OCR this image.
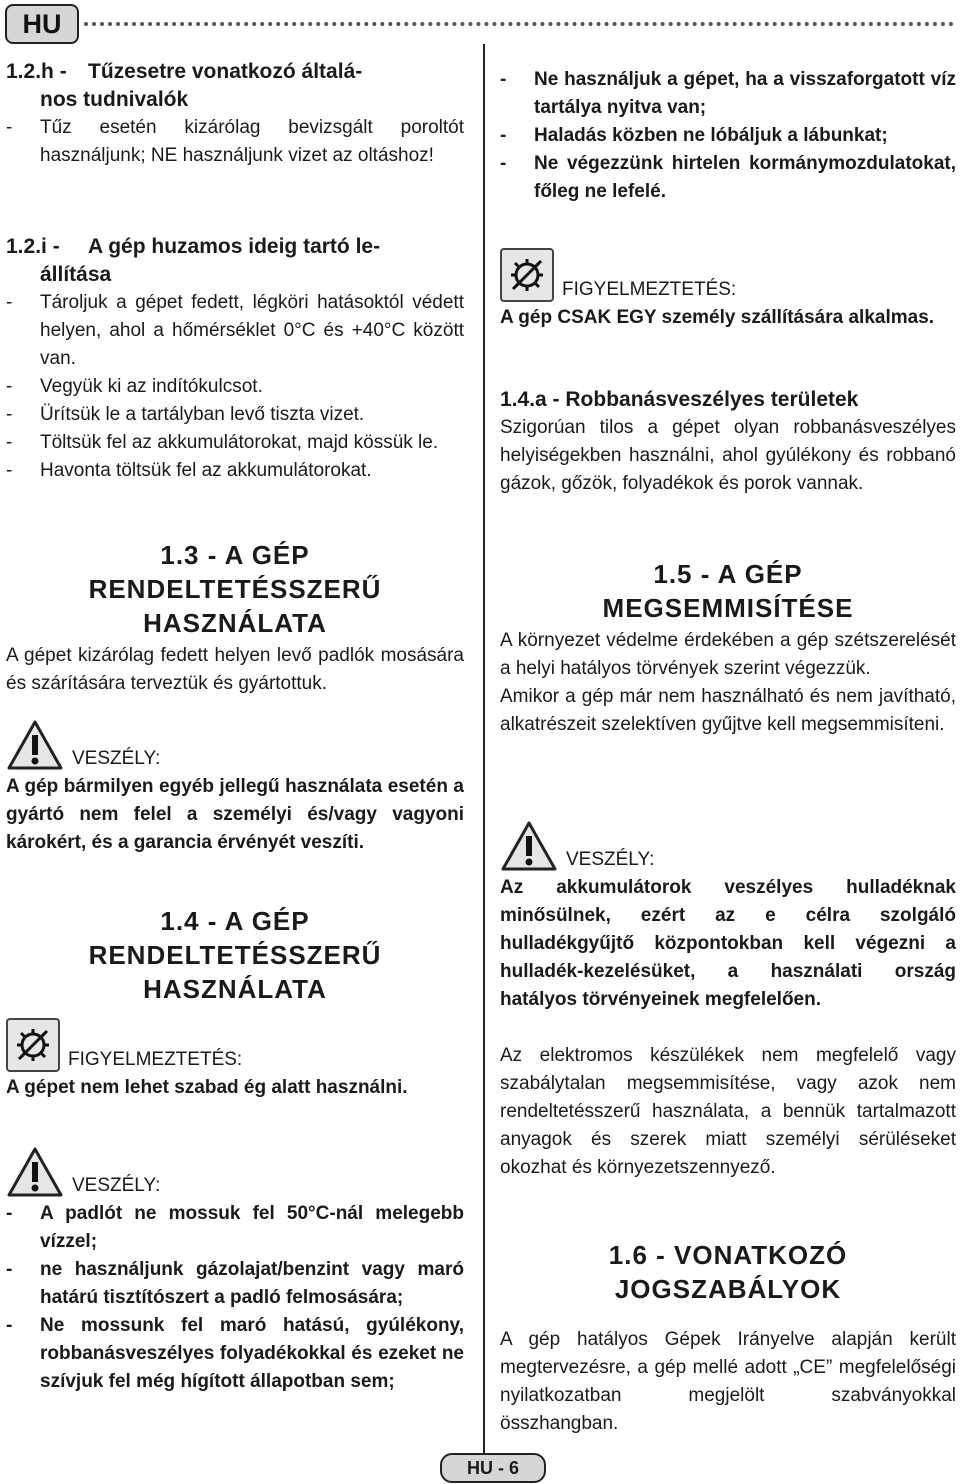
HU
1.2.h - Tűzesetre vonatkozó általá-
nos tudnivalók
- Tűz esetén kizárólag bevizsgált poroltót használjunk; NE használjunk vizet az oltáshoz!
1.2.i - A gép huzamos ideig tartó le-
állítása
- Tároljuk a gépet fedett, légköri hatásoktól védett helyen, ahol a hőmérséklet 0°C és +40°C között van.
- Vegyük ki az indítókulcsot.
- Ürítsük le a tartályban levő tiszta vizet.
- Töltsük fel az akkumulátorokat, majd kössük le.
- Havonta töltsük fel az akkumulátorokat.
1.3 - A GÉP
RENDELTETÉSSZERŰ
HASZNÁLATA

A gépet kizárólag fedett helyen levő padlók mosására és szárítására terveztük és gyártottuk.

VESZÉLY:

A gép bármilyen egyéb jellegű használata esetén a gyártó nem felel a személyi és/vagy vagyoni károkért, és a garancia érvényét veszíti.

1.4 - A GÉP
RENDELTETÉSSZERŰ
HASZNÁLATA
FIGYELMEZTETÉS:

A gépet nem lehet szabad ég alatt használni.

VESZÉLY:
- A padlót ne mossuk fel 50°C-nál melegebb vízzel;
- ne használjunk gázolajat/benzint vagy maró határú tisztítószert a padló felmosására;
- Ne mossunk fel maró hatású, gyúlékony, robbanásveszélyes folyadékokkal és ezeket ne szívjuk fel még hígított állapotban sem;
- Ne használjuk a gépet, ha a visszaforgatott víz tartálya nyitva van;
- Haladás közben ne lóbáljuk a lábunkat;
- Ne végezzünk hirtelen kormánymozdulatokat, főleg ne lefelé.
FIGYELMEZTETÉS:

A gép CSAK EGY személy szállítására alkalmas.

1.4.a - Robbanásveszélyes területek

Szigorúan tilos a gépet olyan robbanásveszélyes helyiségekben használni, ahol gyúlékony és robbanó gázok, gőzök, folyadékok és porok vannak.

1.5 - A GÉP
MEGSEMMISÍTÉSE

A környezet védelme érdekében a gép szétszerelését a helyi hatályos törvények szerint végezzük.

Amikor a gép már nem használható és nem javítható, alkatrészeit szelektíven gyűjtve kell megsemmisíteni.

VESZÉLY:

Az akkumulátorok veszélyes hulladéknak minősülnek, ezért az e célra szolgáló hulladékgyűjtő központokban kell végezni a hulladék-kezelésüket, a használati ország hatályos törvényeinek megfelelően.

Az elektromos készülékek nem megfelelő vagy szabálytalan megsemmisítése, vagy azok nem rendeltetésszerű használata, a bennük tartalmazott anyagok és szerek miatt személyi sérüléseket okozhat és környezetszennyező.

1.6 - VONATKOZÓ
JOGSZABÁLYOK

A gép hatályos Gépek Irányelve alapján került megtervezésre, a gép mellé adott „CE” megfelelőségi nyilatkozatban megjelölt szabványokkal összhangban.

HU - 6
